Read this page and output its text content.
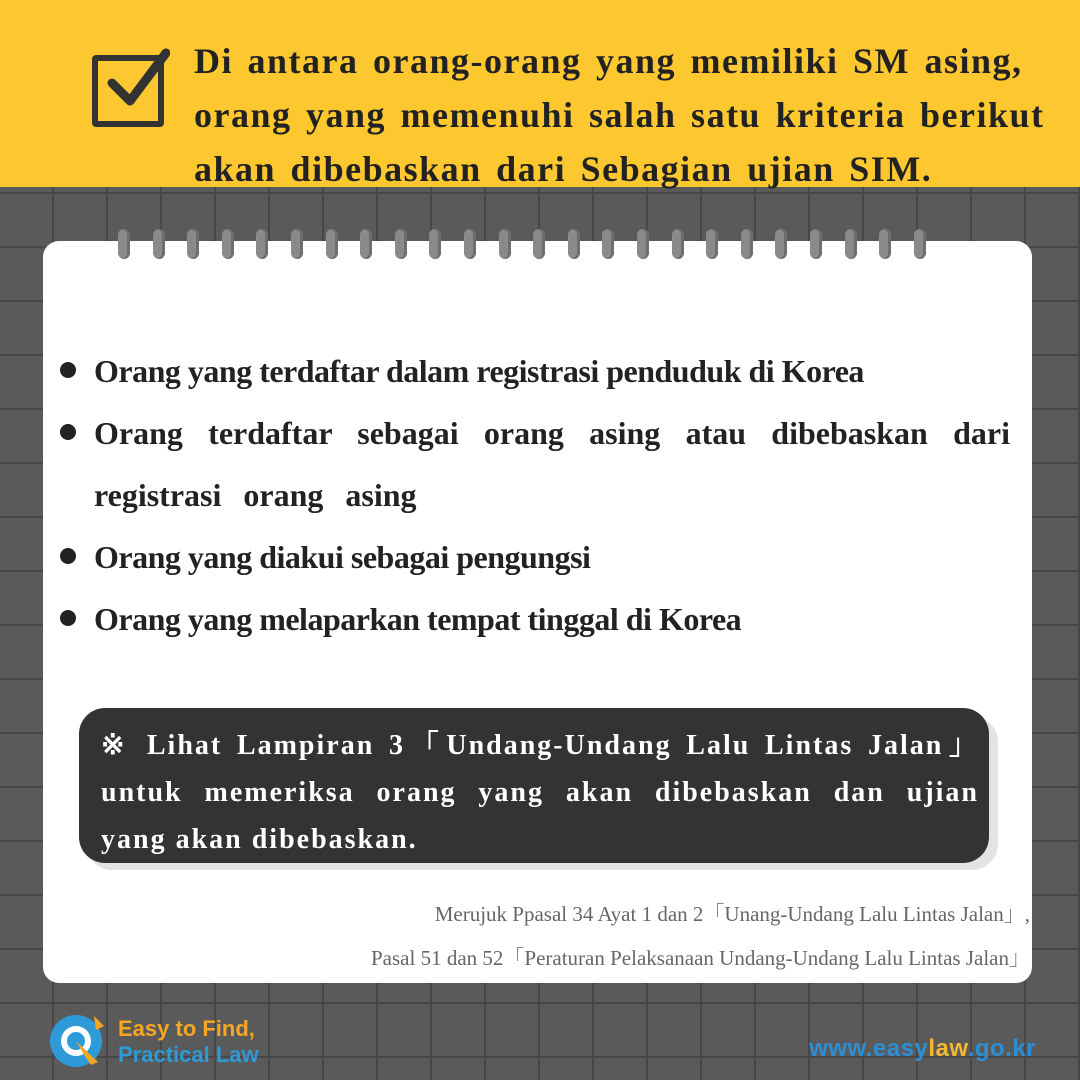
Di antara orang-orang yang memiliki SM asing,
orang yang memenuhi salah satu kriteria berikut
akan dibebaskan dari Sebagian ujian SIM.

Orang yang terdaftar dalam registrasi penduduk di Korea
Orang terdaftar sebagai orang asing atau dibebaskan dari registrasi orang asing
Orang yang diakui sebagai pengungsi
Orang yang melaparkan tempat tinggal di Korea
※ Lihat Lampiran 3「Undang-Undang Lalu Lintas Jalan」
untuk memeriksa orang yang akan dibebaskan dan ujian
yang akan dibebaskan.
Merujuk Ppasal 34 Ayat 1 dan 2「Unang-Undang Lalu Lintas Jalan」,
Pasal 51 dan 52「Peraturan Pelaksanaan Undang-Undang Lalu Lintas Jalan」
Easy to Find,
Practical Law	www.easylaw.go.kr
